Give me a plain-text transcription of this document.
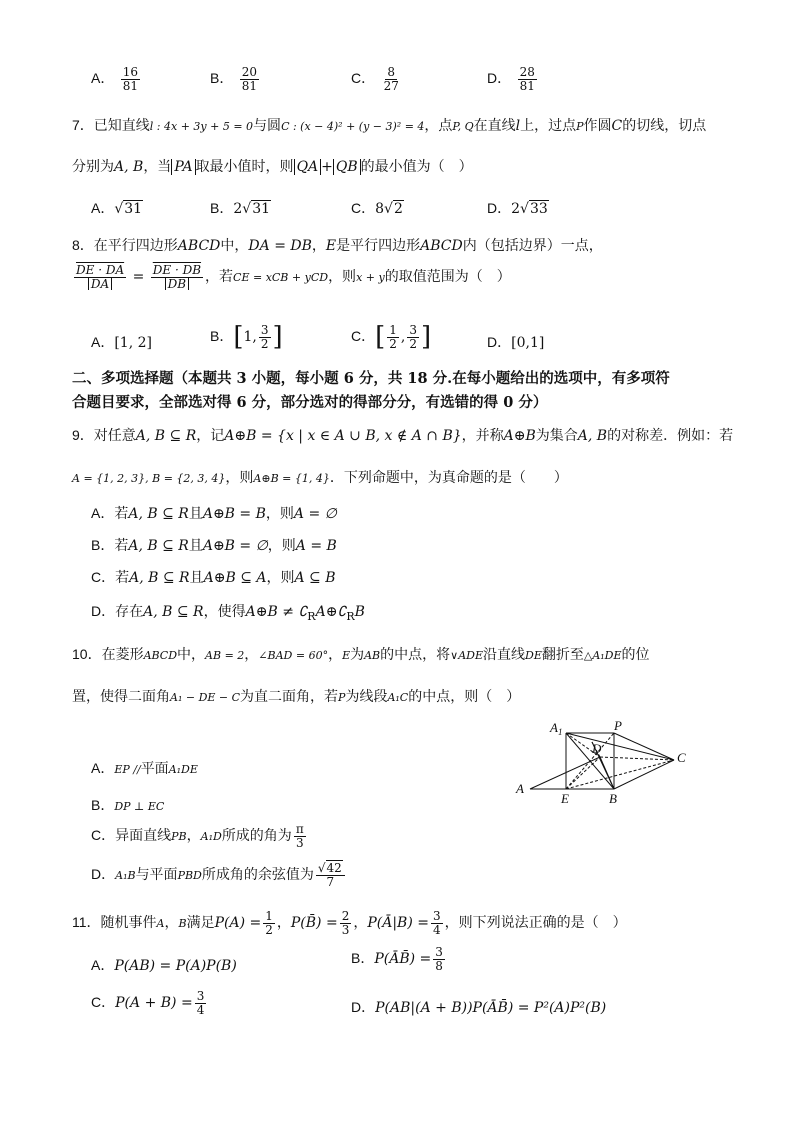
A． $\frac{16}{81}$	B． $\frac{20}{81}$	C． $\frac{8}{27}$	D． $\frac{28}{81}$
7．已知直线l : 4x + 3y + 5 = 0与圆C : (x − 4)² + (y − 3)² = 4，点P, Q在直线l上，过点P作圆C的切线，切点
分别为A, B，当 PA 取最小值时，则 QA + QB 的最小值为（　）
A．√31	B．2√31	C．8√2	D．2√33
8．在平行四边形ABCD中，DA = DB，E是平行四边形ABCD内（包括边界）一点，
$\frac{DE \cdot DA}{DA} = \frac{DE \cdot DB}{DB}$ ，若CE = xCB + yCD，则x + y的取值范围为（　）
A．[1, 2]	B．[1, $\frac{3}{2}$ ]	C．[ $\frac{1}{2}$ , $\frac{3}{2}$ ]	D．[0,1]
二、多项选择题（本题共 3 小题，每小题 6 分，共 18 分.在每小题给出的选项中，有多项符
合题目要求，全部选对得 6 分，部分选对的得部分分，有选错的得 0 分）
9．对任意A, B ⊆ R，记A⊕B = {x | x ∈ A ∪ B, x ∉ A ∩ B}，并称A⊕B为集合A, B的对称差．例如：若
A = {1, 2, 3}, B = {2, 3, 4}，则A⊕B = {1, 4}．下列命题中，为真命题的是（　　）
A．若A, B ⊆ R且A⊕B = B，则A = ∅
B．若A, B ⊆ R且A⊕B = ∅，则A = B
C．若A, B ⊆ R且A⊕B ⊆ A，则A ⊆ B
D．存在A, B ⊆ R，使得A⊕B ≠ $∁_RA\oplus∁_RB$
10．在菱形ABCD中，AB = 2，∠BAD = 60°，E为AB的中点，将∨ADE沿直线DE翻折至△A₁DE的位
置，使得二面角A₁ − DE − C为直二面角，若P为线段A₁C的中点，则（　）
A．EP //平面A₁DE
B．DP ⊥ EC
C．异面直线PB，A₁D所成的角为 $\frac{\pi}{3}$
D．A₁B与平面PBD所成角的余弦值为 $\frac{√42}{7}$
$A_1$	P
D
C
A
E	B
11．随机事件A，B满足$P(A) = \frac{1}{2}$ ，P(B̄) = $\frac{2}{3}$ ，P(Ā|B) = $\frac{3}{4}$ ，则下列说法正确的是（　）
A．P(AB) = P(A)P(B)	B．P(ĀB̄) = $\frac{3}{8}$
C．$P(A + B) = \frac{3}{4}$	D．P(AB|(A + B))P(ĀB̄) = P²(A)P²(B)
